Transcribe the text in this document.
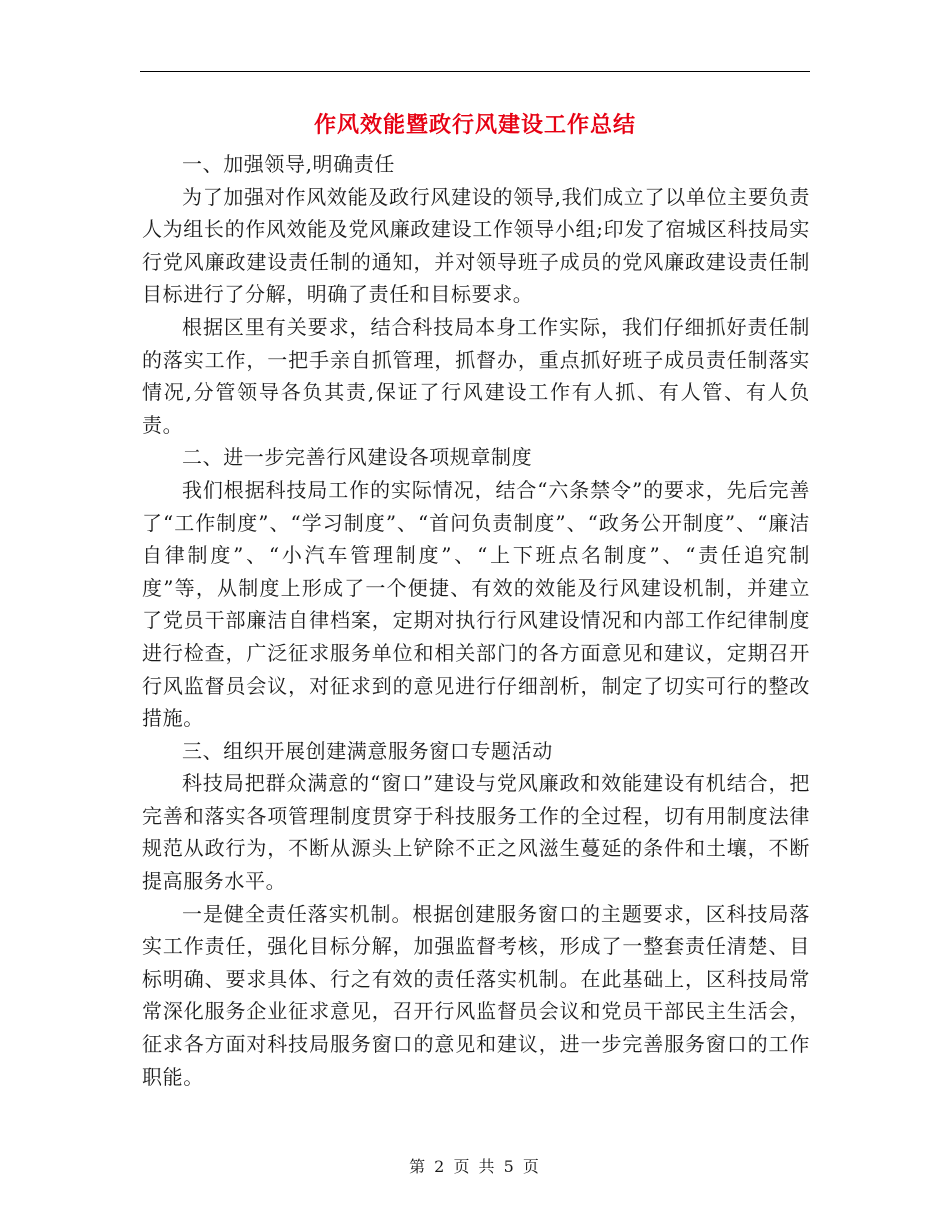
作风效能暨政行风建设工作总结

一、加强领导,明确责任

为了加强对作风效能及政行风建设的领导,我们成立了以单位主要负责人为组长的作风效能及党风廉政建设工作领导小组;印发了宿城区科技局实行党风廉政建设责任制的通知，并对领导班子成员的党风廉政建设责任制目标进行了分解，明确了责任和目标要求。

根据区里有关要求，结合科技局本身工作实际，我们仔细抓好责任制的落实工作，一把手亲自抓管理，抓督办，重点抓好班子成员责任制落实情况,分管领导各负其责,保证了行风建设工作有人抓、有人管、有人负责。

二、进一步完善行风建设各项规章制度

我们根据科技局工作的实际情况，结合“六条禁令”的要求，先后完善了“工作制度”、“学习制度”、“首问负责制度”、“政务公开制度”、“廉洁自律制度”、“小汽车管理制度”、“上下班点名制度”、“责任追究制度”等，从制度上形成了一个便捷、有效的效能及行风建设机制，并建立了党员干部廉洁自律档案，定期对执行行风建设情况和内部工作纪律制度进行检查，广泛征求服务单位和相关部门的各方面意见和建议，定期召开行风监督员会议，对征求到的意见进行仔细剖析，制定了切实可行的整改措施。

三、组织开展创建满意服务窗口专题活动

科技局把群众满意的“窗口”建设与党风廉政和效能建设有机结合，把完善和落实各项管理制度贯穿于科技服务工作的全过程，切有用制度法律规范从政行为，不断从源头上铲除不正之风滋生蔓延的条件和土壤，不断提高服务水平。

一是健全责任落实机制。根据创建服务窗口的主题要求，区科技局落实工作责任，强化目标分解，加强监督考核，形成了一整套责任清楚、目标明确、要求具体、行之有效的责任落实机制。在此基础上，区科技局常常深化服务企业征求意见，召开行风监督员会议和党员干部民主生活会，征求各方面对科技局服务窗口的意见和建议，进一步完善服务窗口的工作职能。

第 2 页 共 5 页
